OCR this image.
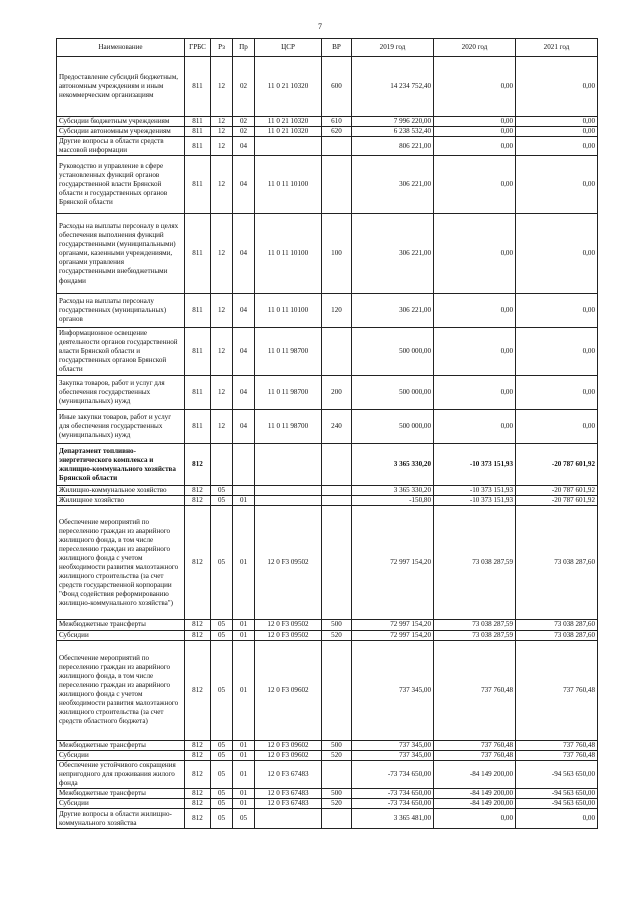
7
Наименование	ГРБС	Рз	Пр	ЦСР	ВР	2019 год	2020 год	2021 год
Предоставление субсидий бюджетным, автономным учреждениям и иным некоммерческим организациям	811	12	02	11 0 21 10320	600	14 234 752,40	0,00	0,00
Субсидии бюджетным учреждениям	811	12	02	11 0 21 10320	610	7 996 220,00	0,00	0,00
Субсидии автономным учреждениям	811	12	02	11 0 21 10320	620	6 238 532,40	0,00	0,00
Другие вопросы в области средств массовой информации	811	12	04			806 221,00	0,00	0,00
Руководство и управление в сфере установленных функций органов государственной власти Брянской области и государственных органов Брянской области	811	12	04	11 0 11 10100		306 221,00	0,00	0,00
Расходы на выплаты персоналу в целях обеспечения выполнения функций государственными (муниципальными) органами, казенными учреждениями, органами управления государственными внебюджетными фондами	811	12	04	11 0 11 10100	100	306 221,00	0,00	0,00
Расходы на выплаты персоналу государственных (муниципальных) органов	811	12	04	11 0 11 10100	120	306 221,00	0,00	0,00
Информационное освещение деятельности органов государственной власти Брянской области и государственных органов Брянской области	811	12	04	11 0 11 98700		500 000,00	0,00	0,00
Закупка товаров, работ и услуг для обеспечения государственных (муниципальных) нужд	811	12	04	11 0 11 98700	200	500 000,00	0,00	0,00
Иные закупки товаров, работ и услуг для обеспечения государственных (муниципальных) нужд	811	12	04	11 0 11 98700	240	500 000,00	0,00	0,00
Департамент топливно-энергетического комплекса и жилищно-коммунального хозяйства Брянской области	812					3 365 330,20	-10 373 151,93	-20 787 601,92
Жилищно-коммунальное хозяйство	812	05				3 365 330,20	-10 373 151,93	-20 787 601,92
Жилищное хозяйство	812	05	01			-150,80	-10 373 151,93	-20 787 601,92
Обеспечение мероприятий по переселению граждан из аварийного жилищного фонда, в том числе переселению граждан из аварийного жилищного фонда с учетом необходимости развития малоэтажного жилищного строительства (за счет средств государственной корпорации "Фонд содействия реформированию жилищно-коммунального хозяйства")	812	05	01	12 0 F3 09502		72 997 154,20	73 038 287,59	73 038 287,60
Межбюджетные трансферты	812	05	01	12 0 F3 09502	500	72 997 154,20	73 038 287,59	73 038 287,60
Субсидии	812	05	01	12 0 F3 09502	520	72 997 154,20	73 038 287,59	73 038 287,60
Обеспечение мероприятий по переселению граждан из аварийного жилищного фонда, в том числе переселению граждан из аварийного жилищного фонда с учетом необходимости развития малоэтажного жилищного строительства (за счет средств областного бюджета)	812	05	01	12 0 F3 09602		737 345,00	737 760,48	737 760,48
Межбюджетные трансферты	812	05	01	12 0 F3 09602	500	737 345,00	737 760,48	737 760,48
Субсидии	812	05	01	12 0 F3 09602	520	737 345,00	737 760,48	737 760,48
Обеспечение устойчивого сокращения непригодного для проживания жилого фонда	812	05	01	12 0 F3 67483		-73 734 650,00	-84 149 200,00	-94 563 650,00
Межбюджетные трансферты	812	05	01	12 0 F3 67483	500	-73 734 650,00	-84 149 200,00	-94 563 650,00
Субсидии	812	05	01	12 0 F3 67483	520	-73 734 650,00	-84 149 200,00	-94 563 650,00
Другие вопросы в области жилищно-коммунального хозяйства	812	05	05			3 365 481,00	0,00	0,00
